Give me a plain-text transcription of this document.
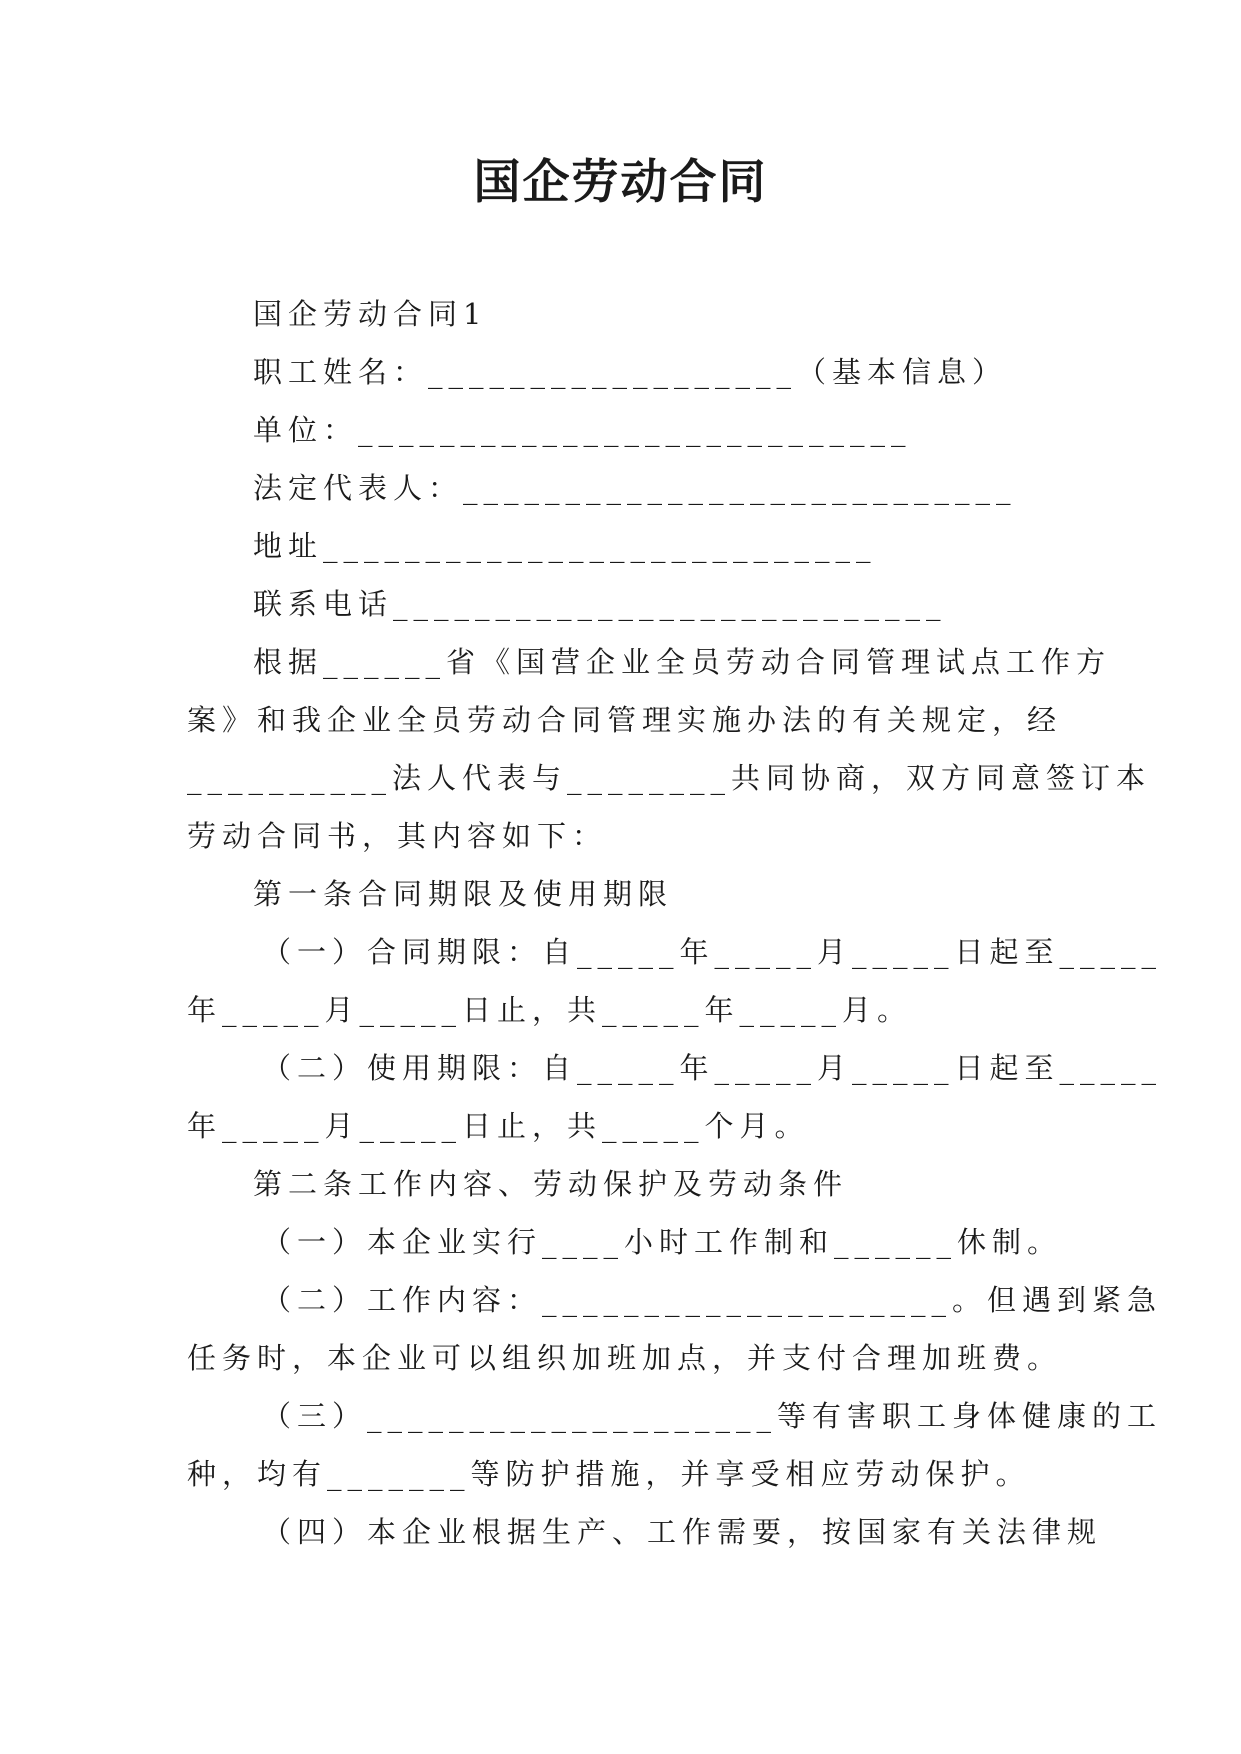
国企劳动合同

国企劳动合同1

职工姓名：__________________（基本信息）

单位：___________________________

法定代表人：___________________________

地址___________________________

联系电话___________________________

根据______省《国营企业全员劳动合同管理试点工作方

案》和我企业全员劳动合同管理实施办法的有关规定，经

__________法人代表与________共同协商，双方同意签订本

劳动合同书，其内容如下：

第一条合同期限及使用期限

（一）合同期限：自_____年_____月_____日起至_____

年_____月_____日止，共_____年_____月。

（二）使用期限：自_____年_____月_____日起至_____

年_____月_____日止，共_____个月。

第二条工作内容、劳动保护及劳动条件

（一）本企业实行____小时工作制和______休制。

（二）工作内容：____________________。但遇到紧急

任务时，本企业可以组织加班加点，并支付合理加班费。

（三）____________________等有害职工身体健康的工

种，均有_______等防护措施，并享受相应劳动保护。

（四）本企业根据生产、工作需要，按国家有关法律规
